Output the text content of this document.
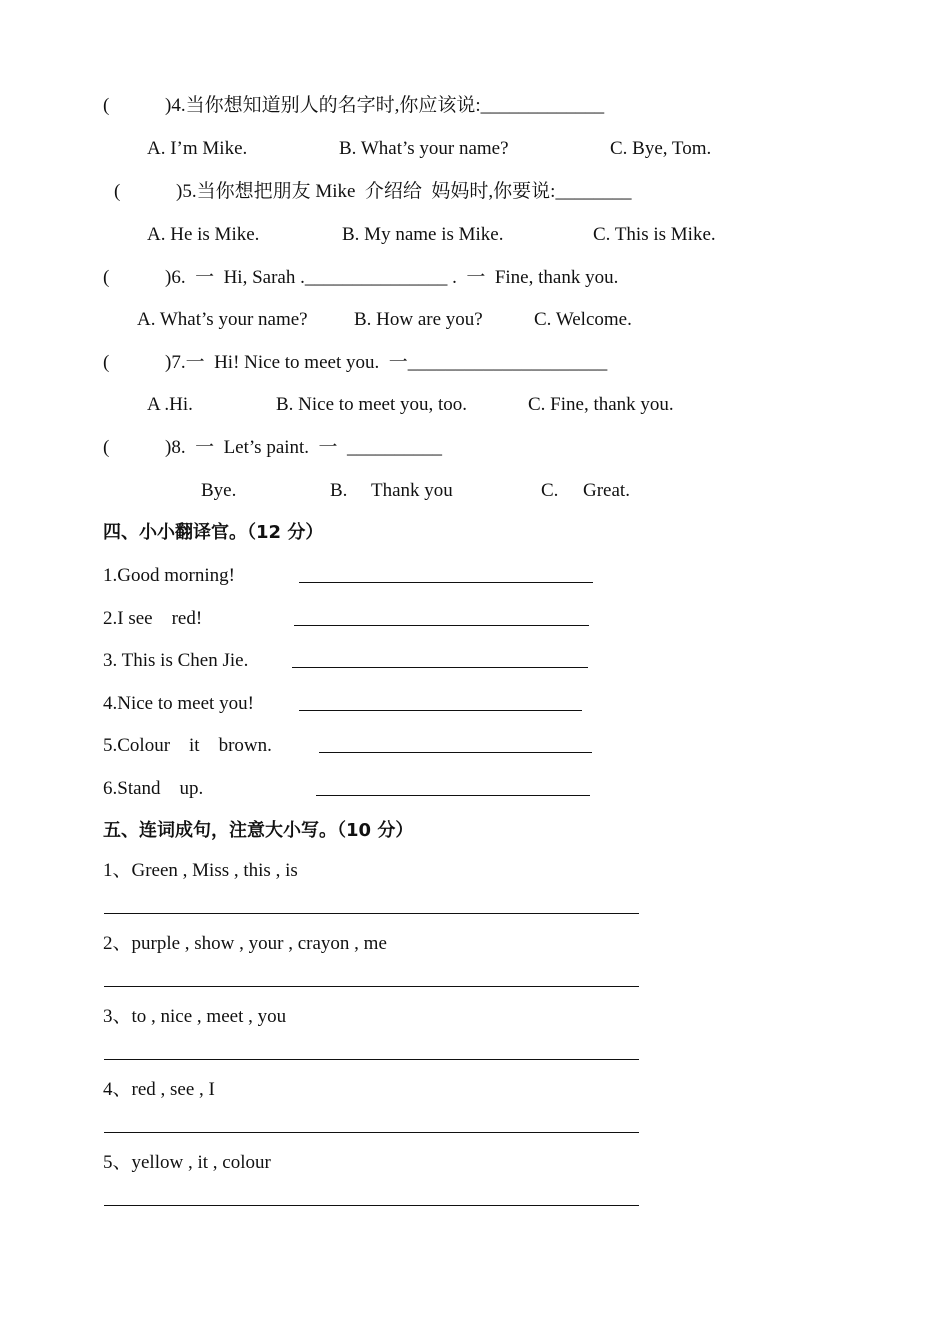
(	)4.当你想知道别人的名字时,你应该说:_____________
A. I’m Mike.	B. What’s your name?	C. Bye, Tom.
(	)5.当你想把朋友 Mike  介绍给  妈妈时,你要说:________
A. He is Mike.	B. My name is Mike.	C. This is Mike.
(	)6.  一  Hi, Sarah ._______________ .  一  Fine, thank you.
A. What’s your name? B. How are you?	C. Welcome.
(	)7.一  Hi! Nice to meet you.  一_____________________
A .Hi.	B. Nice to meet you, too.	C. Fine, thank you.
(	)8.  一  Let’s paint.  一  __________
Bye.	B. Thank you	C. Great.
四、小小翻译官。（12 分）
1.Good morning!
2.I see    red!
3. This is Chen Jie.
4.Nice to meet you!
5.Colour    it    brown.
6.Stand    up.
五、连词成句，注意大小写。（10 分）
1、Green , Miss , this , is
2、purple , show , your , crayon , me
3、to , nice , meet , you
4、red , see , I
5、yellow , it , colour
